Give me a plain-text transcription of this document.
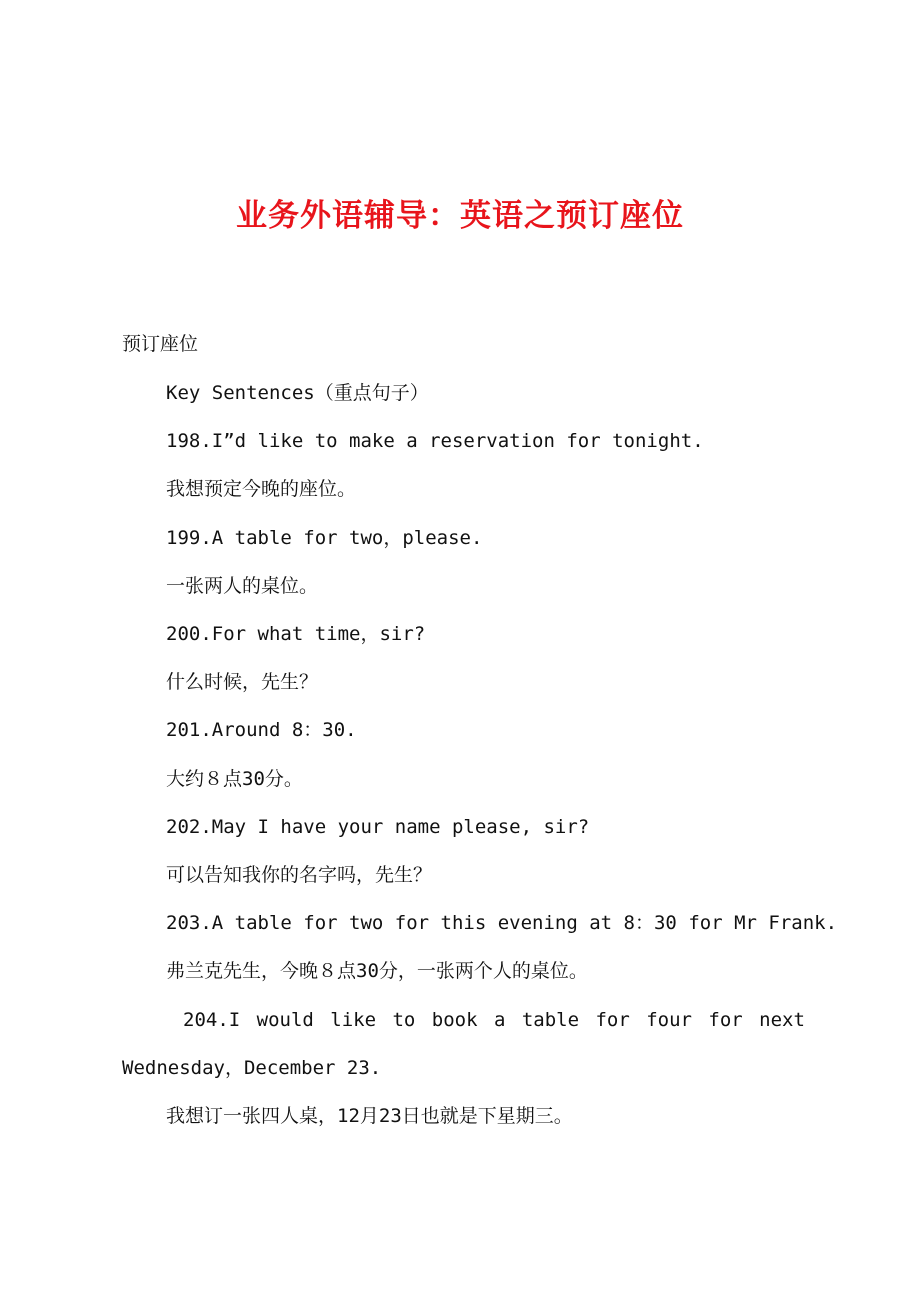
业务外语辅导：英语之预订座位
预订座位
Key Sentences（重点句子）
198.I”d like to make a reservation for tonight.
我想预定今晚的座位。
199.A table for two，please.
一张两人的桌位。
200.For what time，sir?
什么时候，先生？
201.Around 8：30.
大约８点30分。
202.May I have your name please, sir?
可以告知我你的名字吗，先生？
203.A table for two for this evening at 8：30 for Mr Frank.
弗兰克先生，今晚８点30分，一张两个人的桌位。
204.I would like to book a table for four for next
Wednesday，December 23.
我想订一张四人桌，12月23日也就是下星期三。
